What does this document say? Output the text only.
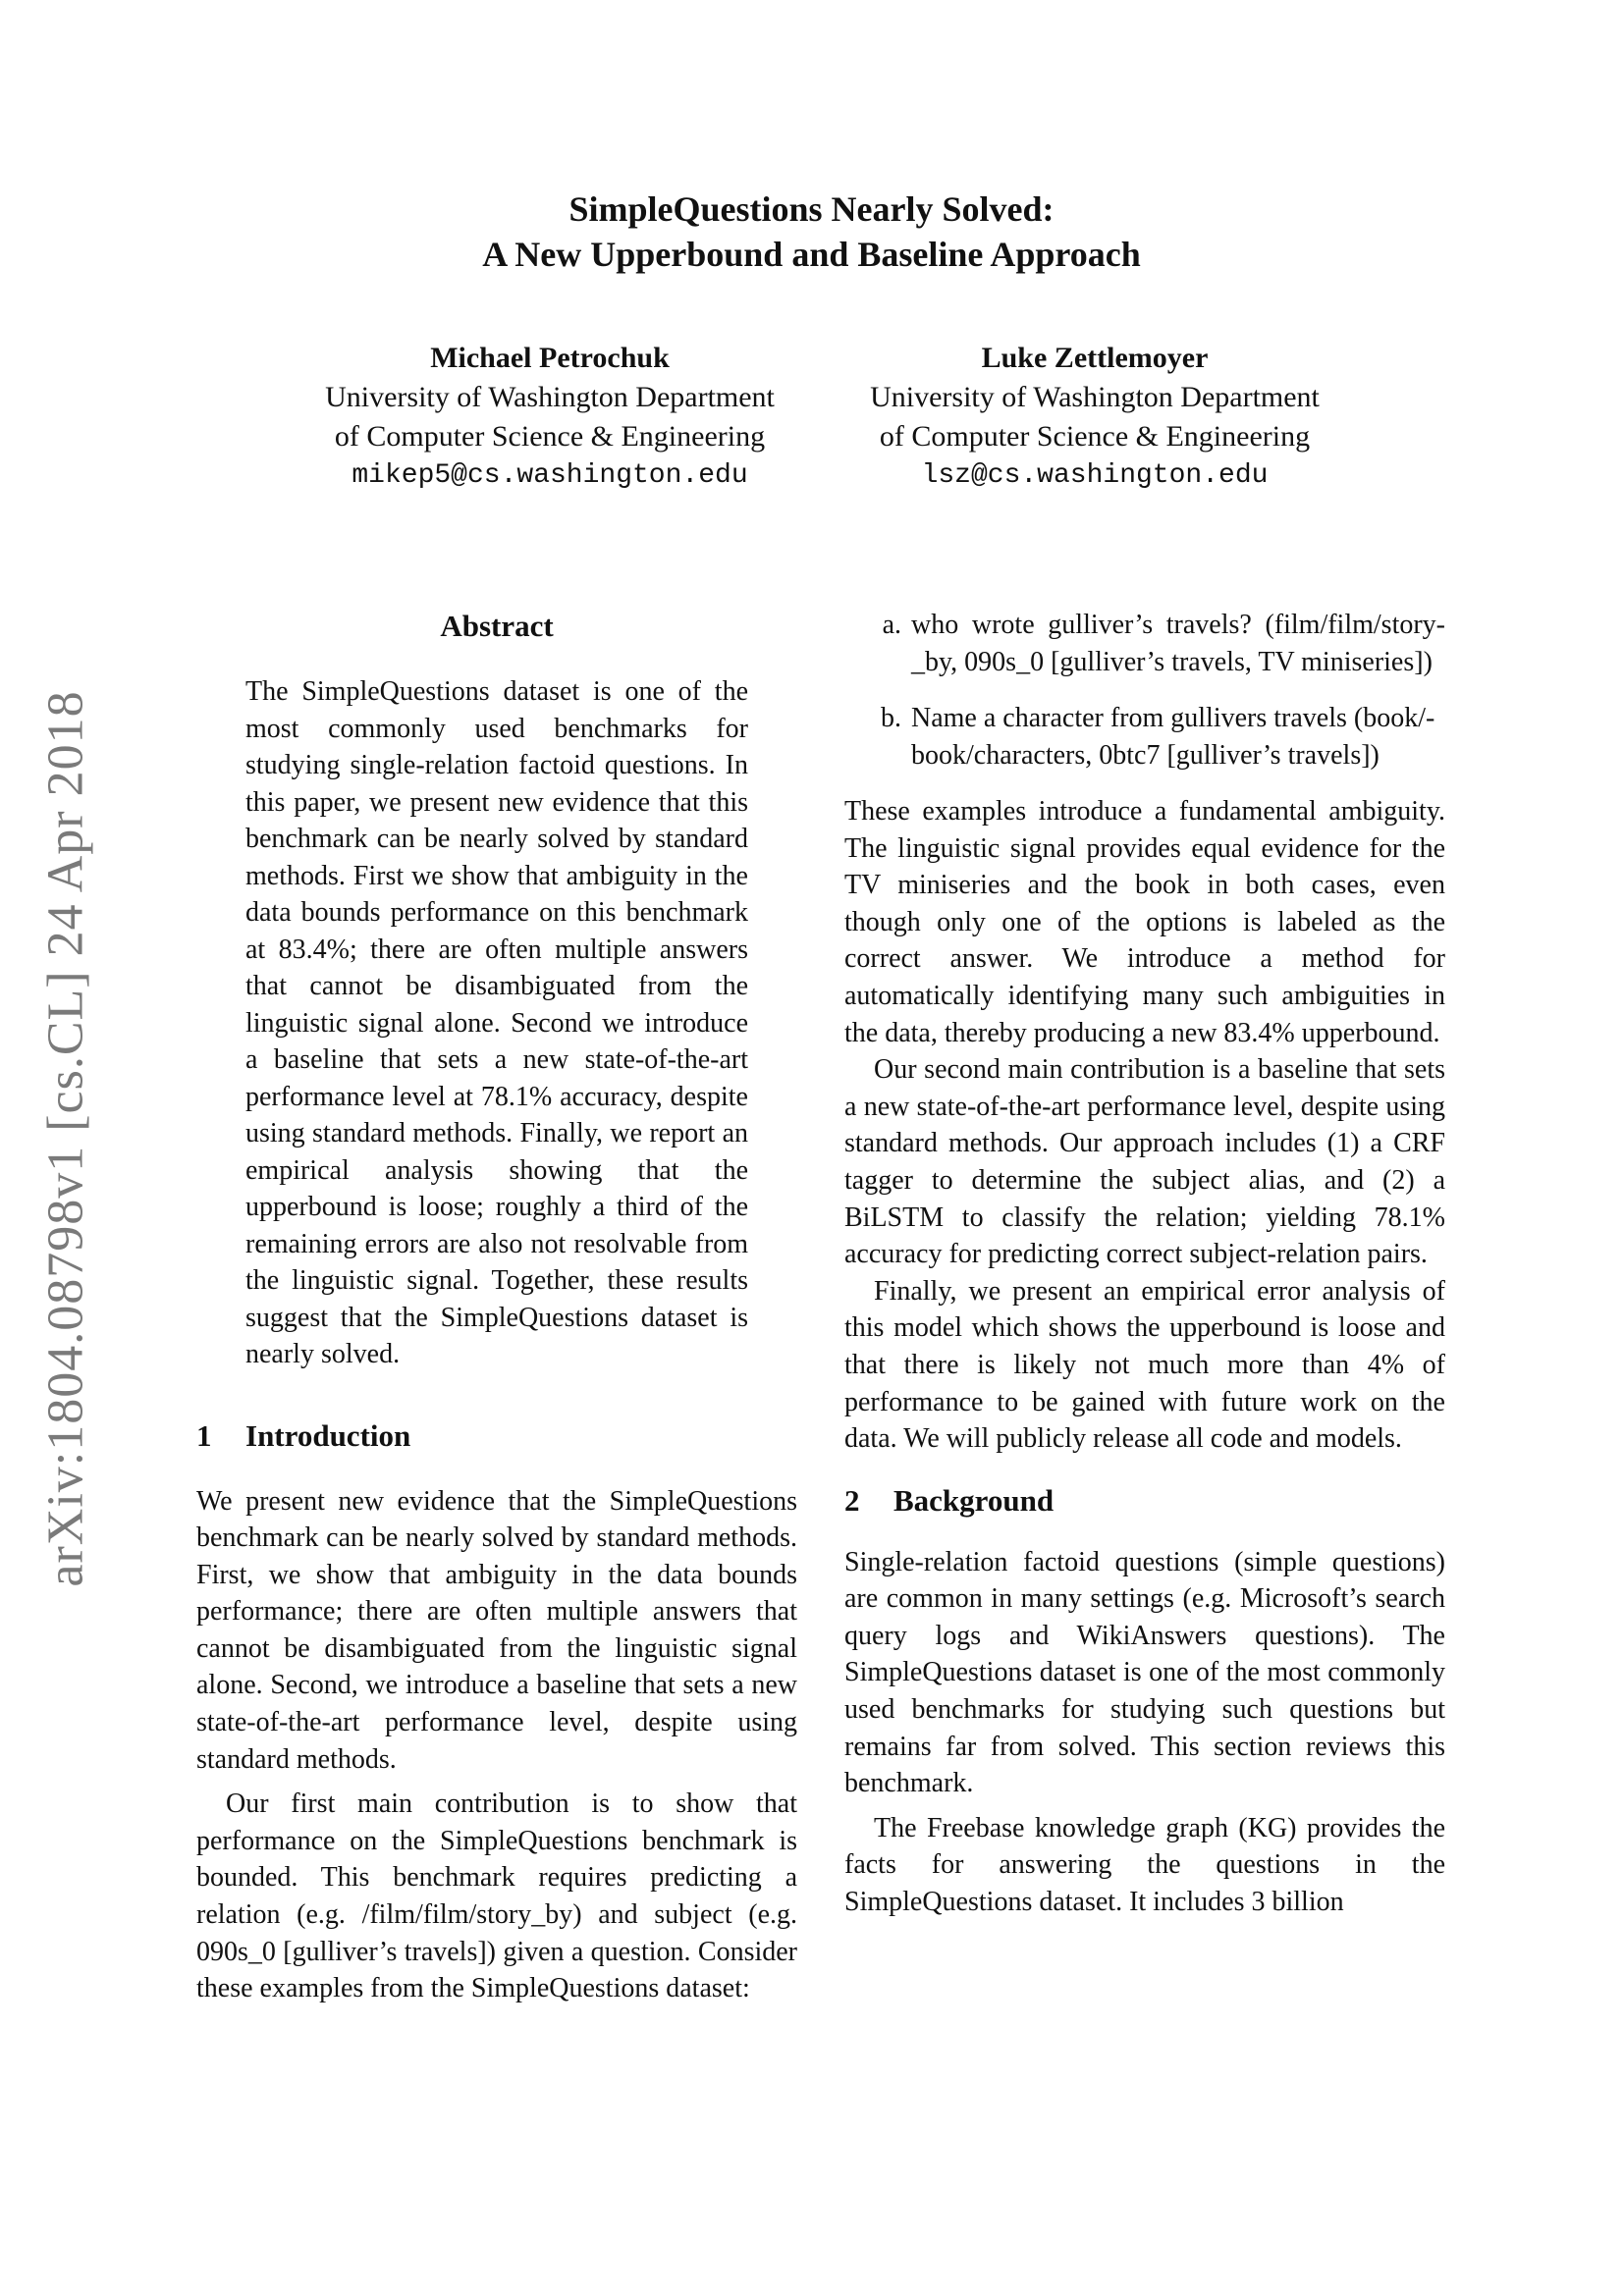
arXiv:1804.08798v1 [cs.CL] 24 Apr 2018
SimpleQuestions Nearly Solved:
A New Upperbound and Baseline Approach
Michael Petrochuk
University of Washington Department
of Computer Science & Engineering
mikep5@cs.washington.edu
Luke Zettlemoyer
University of Washington Department
of Computer Science & Engineering
lsz@cs.washington.edu
Abstract

The SimpleQuestions dataset is one of the most commonly used benchmarks for studying single-relation factoid questions. In this paper, we present new evidence that this benchmark can be nearly solved by standard methods. First we show that ambiguity in the data bounds performance on this benchmark at 83.4%; there are often multiple answers that cannot be disambiguated from the linguistic signal alone. Second we introduce a baseline that sets a new state-of-the-art performance level at 78.1% accuracy, despite using standard methods. Finally, we report an empirical analysis showing that the upperbound is loose; roughly a third of the remaining errors are also not resolvable from the linguistic signal. Together, these results suggest that the SimpleQuestions dataset is nearly solved.

1 Introduction

We present new evidence that the SimpleQuestions benchmark can be nearly solved by standard methods. First, we show that ambiguity in the data bounds performance; there are often multiple answers that cannot be disambiguated from the linguistic signal alone. Second, we introduce a baseline that sets a new state-of-the-art performance level, despite using standard methods.

Our first main contribution is to show that performance on the SimpleQuestions benchmark is bounded. This benchmark requires predicting a relation (e.g. /film/film/story_by) and subject (e.g. 090s_0 [gulliver’s travels]) given a question. Consider these examples from the SimpleQuestions dataset:

a. who wrote gulliver’s travels? (film/film/story-_by, 090s_0 [gulliver’s travels, TV miniseries])
b. Name a character from gullivers travels (book/-
book/characters, 0btc7 [gulliver’s travels])

These examples introduce a fundamental ambiguity. The linguistic signal provides equal evidence for the TV miniseries and the book in both cases, even though only one of the options is labeled as the correct answer. We introduce a method for automatically identifying many such ambiguities in the data, thereby producing a new 83.4% upperbound.

Our second main contribution is a baseline that sets a new state-of-the-art performance level, despite using standard methods. Our approach includes (1) a CRF tagger to determine the subject alias, and (2) a BiLSTM to classify the relation; yielding 78.1% accuracy for predicting correct subject-relation pairs.

Finally, we present an empirical error analysis of this model which shows the upperbound is loose and that there is likely not much more than 4% of performance to be gained with future work on the data. We will publicly release all code and models.

2 Background

Single-relation factoid questions (simple questions) are common in many settings (e.g. Microsoft’s search query logs and WikiAnswers questions). The SimpleQuestions dataset is one of the most commonly used benchmarks for studying such questions but remains far from solved. This section reviews this benchmark.

The Freebase knowledge graph (KG) provides the facts for answering the questions in the SimpleQuestions dataset. It includes 3 billion
